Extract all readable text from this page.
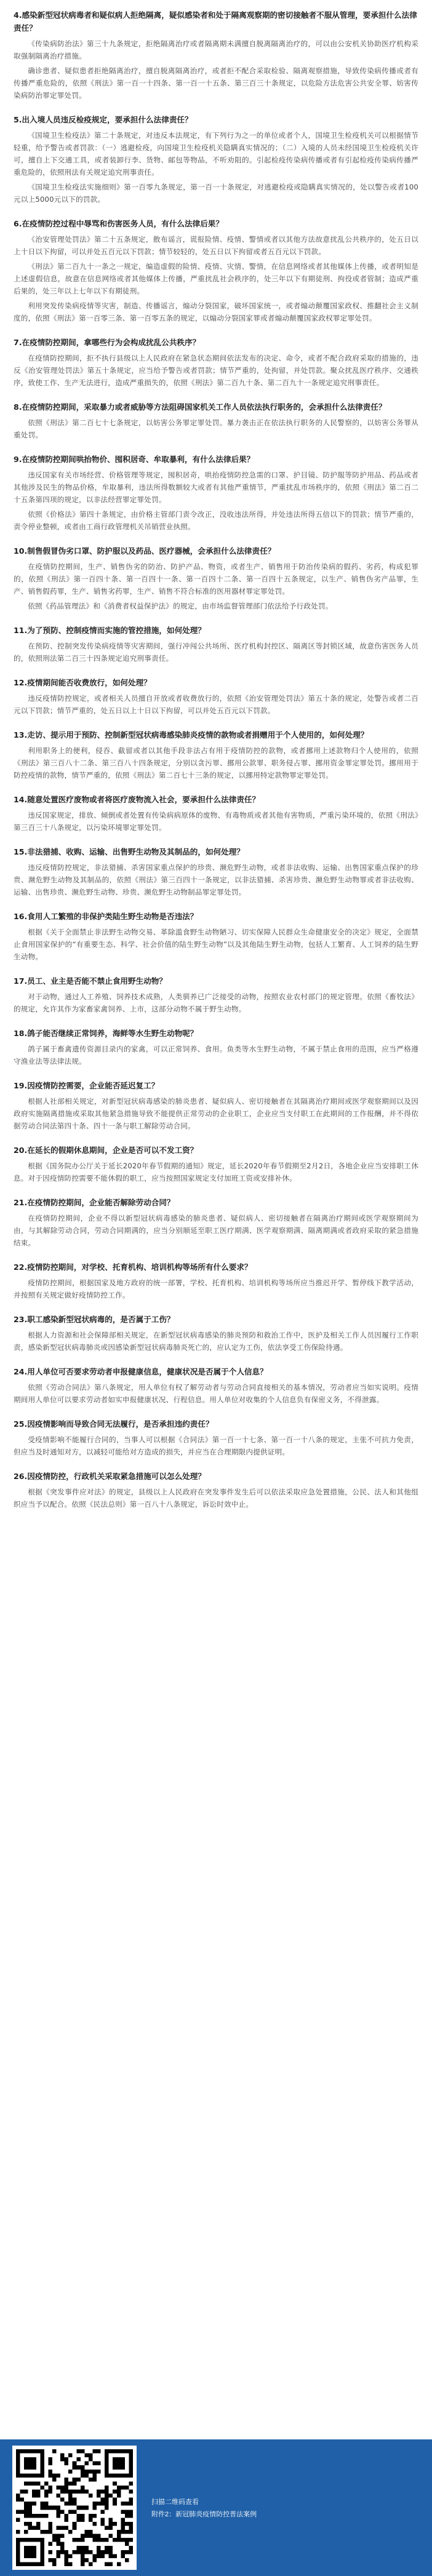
4.感染新型冠状病毒者和疑似病人拒绝隔离，疑似感染者和处于隔离观察期的密切接触者不服从管理，要承担什么法律责任？
《传染病防治法》第三十九条规定，拒绝隔离治疗或者隔离期未满擅自脱离隔离治疗的，可以由公安机关协助医疗机构采取强制隔离治疗措施。
确诊患者、疑似患者拒绝隔离治疗，擅自脱离隔离治疗，或者拒不配合采取检验、隔离观察措施，导致传染病传播或者有传播严重危险的，依照《刑法》第一百一十四条、第一百一十五条、第三百三十条规定，以危险方法危害公共安全罪、妨害传染病防治罪定罪处罚。
5.出入境人员违反检疫规定，要承担什么法律责任？
《国境卫生检疫法》第二十条规定，对违反本法规定，有下列行为之一的单位或者个人，国境卫生检疫机关可以根据情节轻重，给予警告或者罚款：（一）逃避检疫，向国境卫生检疫机关隐瞒真实情况的；（二）入境的人员未经国境卫生检疫机关许可，擅自上下交通工具，或者装卸行李、货物、邮包等物品，不听劝阻的。引起检疫传染病传播或者有引起检疫传染病传播严重危险的，依照刑法有关规定追究刑事责任。
《国境卫生检疫法实施细则》第一百零九条规定，第一百一十条规定，对逃避检疫或隐瞒真实情况的，处以警告或者100元以上5000元以下的罚款。
6.在疫情防控过程中辱骂和伤害医务人员，有什么法律后果？
《治安管理处罚法》第二十五条规定，散布谣言，谎报险情、疫情、警情或者以其他方法故意扰乱公共秩序的，处五日以上十日以下拘留，可以并处五百元以下罚款；情节较轻的，处五日以下拘留或者五百元以下罚款。
《刑法》第二百九十一条之一规定，编造虚假的险情、疫情、灾情、警情，在信息网络或者其他媒体上传播，或者明知是上述虚假信息，故意在信息网络或者其他媒体上传播，严重扰乱社会秩序的，处三年以下有期徒刑、拘役或者管制；造成严重后果的，处三年以上七年以下有期徒刑。
利用突发传染病疫情等灾害，制造、传播谣言，煽动分裂国家，破坏国家统一，或者煽动颠覆国家政权、推翻社会主义制度的，依照《刑法》第一百零三条、第一百零五条的规定，以煽动分裂国家罪或者煽动颠覆国家政权罪定罪处罚。
7.在疫情防控期间，拿哪些行为会构成扰乱公共秩序？
在疫情防控期间，拒不执行县级以上人民政府在紧急状态期间依法发布的决定、命令，或者不配合政府采取的措施的，违反《治安管理处罚法》第五十条规定，应当给予警告或者罚款；情节严重的，处拘留，并处罚款。聚众扰乱医疗秩序、交通秩序，致使工作、生产无法进行，造成严重损失的，依照《刑法》第二百九十条、第二百九十一条规定追究刑事责任。
8.在疫情防控期间，采取暴力或者威胁等方法阻碍国家机关工作人员依法执行职务的，会承担什么法律责任？
依照《刑法》第二百七十七条规定，以妨害公务罪定罪处罚。暴力袭击正在依法执行职务的人民警察的，以妨害公务罪从重处罚。
9.在疫情防控期间哄抬物价、囤积居奇、牟取暴利，有什么法律后果？
违反国家有关市场经营、价格管理等规定，囤积居奇，哄抬疫情防控急需的口罩、护目镜、防护服等防护用品、药品或者其他涉及民生的物品价格，牟取暴利，违法所得数额较大或者有其他严重情节，严重扰乱市场秩序的，依照《刑法》第二百二十五条第四项的规定，以非法经营罪定罪处罚。
依照《价格法》第四十条规定，由价格主管部门责令改正，没收违法所得，并处违法所得五倍以下的罚款；情节严重的，责令停业整顿，或者由工商行政管理机关吊销营业执照。
10.制售假冒伪劣口罩、防护服以及药品、医疗器械，会承担什么法律责任？
在疫情防控期间，生产、销售伪劣的防治、防护产品、物资，或者生产、销售用于防治传染病的假药、劣药，构成犯罪的，依照《刑法》第一百四十条、第一百四十一条、第一百四十二条、第一百四十五条规定，以生产、销售伪劣产品罪，生产、销售假药罪，生产、销售劣药罪，生产、销售不符合标准的医用器材罪定罪处罚。
依照《药品管理法》和《消费者权益保护法》的规定，由市场监督管理部门依法给予行政处罚。
11.为了预防、控制疫情而实施的管控措施，如何处理？
在预防、控制突发传染病疫情等灾害期间，强行冲闯公共场所、医疗机构封控区、隔离区等封锁区域，故意伤害医务人员的，依照刑法第二百三十四条规定追究刑事责任。
12.疫情期间能否收费放行，如何处理？
违反疫情防控规定，或者相关人员擅自开放或者收费放行的，依照《治安管理处罚法》第五十条的规定，处警告或者二百元以下罚款；情节严重的，处五日以上十日以下拘留，可以并处五百元以下罚款。
13.走访、提示用于预防、控制新型冠状病毒感染肺炎疫情的款物或者捐赠用于个人使用的，如何处理？
利用职务上的便利，侵吞、截留或者以其他手段非法占有用于疫情防控的款物，或者挪用上述款物归个人使用的，依照《刑法》第三百八十二条、第三百八十四条规定，分别以贪污罪、挪用公款罪、职务侵占罪、挪用资金罪定罪处罚。挪用用于防控疫情的款物，情节严重的，依照《刑法》第二百七十三条的规定，以挪用特定款物罪定罪处罚。
14.随意处置医疗废物或者将医疗废物流入社会，要承担什么法律责任？
违反国家规定，排放、倾倒或者处置有传染病病原体的废物、有毒物质或者其他有害物质，严重污染环境的，依照《刑法》第三百三十八条规定，以污染环境罪定罪处罚。
15.非法猎捕、收购、运输、出售野生动物及其制品的，如何处理？
违反疫情防控规定，非法猎捕、杀害国家重点保护的珍贵、濒危野生动物，或者非法收购、运输、出售国家重点保护的珍贵、濒危野生动物及其制品的，依照《刑法》第三百四十一条规定，以非法猎捕、杀害珍贵、濒危野生动物罪或者非法收购、运输、出售珍贵、濒危野生动物、珍贵、濒危野生动物制品罪定罪处罚。
16.食用人工繁殖的非保护类陆生野生动物是否违法？
根据《关于全面禁止非法野生动物交易、革除滥食野生动物陋习、切实保障人民群众生命健康安全的决定》规定，全面禁止食用国家保护的“有重要生态、科学、社会价值的陆生野生动物”以及其他陆生野生动物，包括人工繁育、人工饲养的陆生野生动物。
17.员工、业主是否能不禁止食用野生动物？
对于动物，通过人工养殖、饲养技术成熟，人类驯养已广泛接受的动物，按照农业农村部门的规定管理。依照《畜牧法》的规定，允许其作为家畜家禽饲养、上市，这部分动物不属于野生动物。
18.鸽子能否继续正常饲养，海鲜等水生野生动物呢？
鸽子属于畜禽遗传资源目录内的家禽，可以正常饲养、食用。鱼类等水生野生动物，不属于禁止食用的范围，应当严格遵守渔业法等法律法规。
19.因疫情防控需要，企业能否延迟复工？
根据人社部相关规定，对新型冠状病毒感染的肺炎患者、疑似病人、密切接触者在其隔离治疗期间或医学观察期间以及因政府实施隔离措施或采取其他紧急措施导致不能提供正常劳动的企业职工，企业应当支付职工在此期间的工作报酬，并不得依据劳动合同法第四十条、四十一条与职工解除劳动合同。
20.在延长的假期休息期间，企业是否可以不发工资？
根据《国务院办公厅关于延长2020年春节假期的通知》规定，延长2020年春节假期至2月2日，各地企业应当安排职工休息。对于因疫情防控需要不能休假的职工，应当按照国家规定支付加班工资或安排补休。
21.在疫情防控期间，企业能否解除劳动合同？
在疫情防控期间，企业不得以新型冠状病毒感染的肺炎患者、疑似病人、密切接触者在隔离治疗期间或医学观察期间为由，与其解除劳动合同，劳动合同期满的，应当分别顺延至职工医疗期满、医学观察期满、隔离期满或者政府采取的紧急措施结束。
22.疫情防控期间，对学校、托育机构、培训机构等场所有什么要求？
疫情防控期间，根据国家及地方政府的统一部署，学校、托育机构、培训机构等场所应当推迟开学、暂停线下教学活动，并按照有关规定做好疫情防控工作。
23.职工感染新型冠状病毒的，是否属于工伤？
根据人力资源和社会保障部相关规定，在新型冠状病毒感染的肺炎预防和救治工作中，医护及相关工作人员因履行工作职责，感染新型冠状病毒肺炎或因感染新型冠状病毒肺炎死亡的，应认定为工伤，依法享受工伤保险待遇。
24.用人单位可否要求劳动者申报健康信息，健康状况是否属于个人信息？
依照《劳动合同法》第八条规定，用人单位有权了解劳动者与劳动合同直接相关的基本情况，劳动者应当如实说明。疫情期间用人单位可以要求劳动者如实申报健康状况、行程信息。用人单位对收集的个人信息负有保密义务，不得泄露。
25.因疫情影响而导致合同无法履行，是否承担违约责任？
受疫情影响不能履行合同的，当事人可以根据《合同法》第一百一十七条、第一百一十八条的规定，主张不可抗力免责，但应当及时通知对方，以减轻可能给对方造成的损失，并应当在合理期限内提供证明。
26.因疫情防控，行政机关采取紧急措施可以怎么处理？
根据《突发事件应对法》的规定，县级以上人民政府在突发事件发生后可以依法采取应急处置措施，公民、法人和其他组织应当予以配合。依照《民法总则》第一百八十八条规定，诉讼时效中止。
扫描二维码查看
附件2：新冠肺炎疫情防控普法案例
